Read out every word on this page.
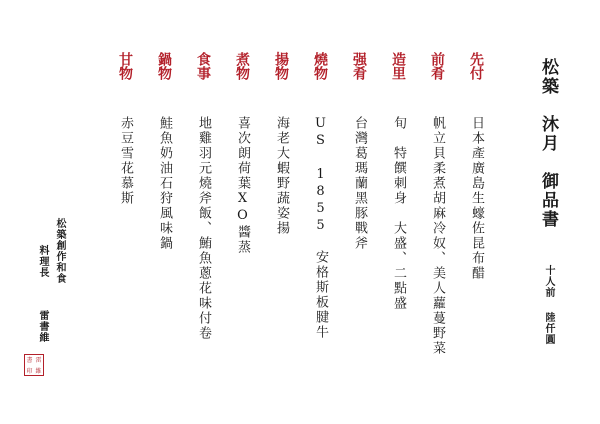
松築　沐月　御品書
十人前
陸仟圓
先付
日本產廣島生蠔佐昆布醋
前肴
帆立貝柔煮胡麻冷奴、美人蘿蔓野菜
造里
旬　特饌刺身　大盛、二點盛
强肴
台灣葛瑪蘭黑豚戰斧
燒物
US 1855　安格斯板腱牛
揚物
海老大蝦野蔬姿揚
煮物
喜次朗荷葉XO醬蒸
食事
地雞羽元燒斧飯、鮪魚蔥花味付卷
鍋物
鮭魚奶油石狩風味鍋
甘物
赤豆雪花慕斯
松築創作和食
料理長
雷書維
書 雷
印 維
